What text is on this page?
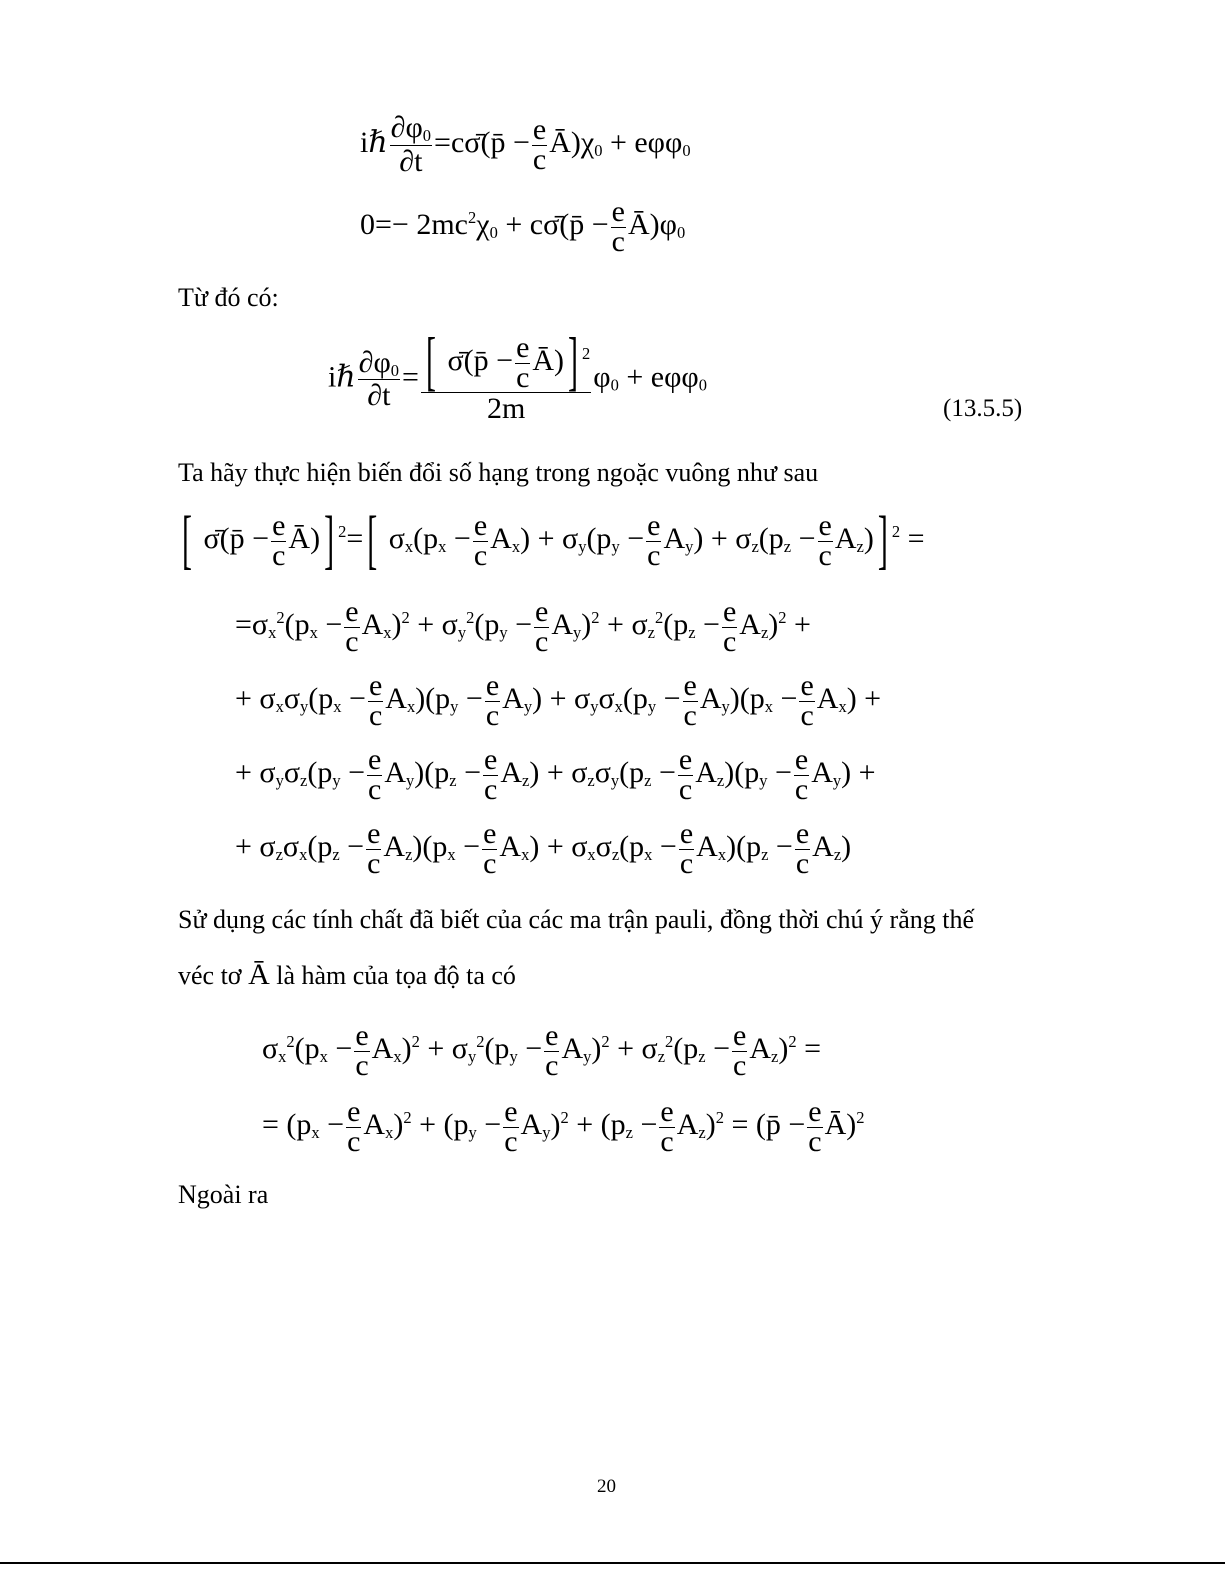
iℏ $\frac{\partial\varphi_0}{\partial t}$ =cσ̄(p̄ − $\frac{e}{c}$ $Ā)\chi_0 + e\varphi\varphi_0$
$0=- 2mc^2\chi_0$ + cσ̄(p̄ − $\frac{e}{c}$ $Ā)\varphi_0$
Từ đó có:
iℏ $\frac{\partial\varphi_0}{\partial t} = \frac{[ \sigmā(p̄ - \frac{e}{c} Ā) ] ^2}{2m} \varphi_0 + e\varphi\varphi_0$
(13.5.5)
Ta hãy thực hiện biến đổi số hạng trong ngoặc vuông như sau
[ σ̄(p̄ − $\frac{e}{c}$ Ā) ] $^2$= [ $\sigma_x(p_x - \frac{e}{c} A_x) + \sigma_y(p_y - \frac{e}{c} A_y) + \sigma_z(p_z - \frac{e}{c} A_z)$ ] $^2$ =
$=\sigma_x^2(p_x - \frac{e}{c} A_x)^2 + \sigma_y^2(p_y - \frac{e}{c} A_y)^2 + \sigma_z^2(p_z - \frac{e}{c} A_z)^2$ +
+ $\sigma_x\sigma_y(p_x - \frac{e}{c} A_x)(p_y - \frac{e}{c} A_y) + \sigma_y\sigma_x(p_y - \frac{e}{c} A_y)(p_x - \frac{e}{c} A_x)$ +
+ $\sigma_y\sigma_z(p_y - \frac{e}{c} A_y)(p_z - \frac{e}{c} A_z) + \sigma_z\sigma_y(p_z - \frac{e}{c} A_z)(p_y - \frac{e}{c} A_y)$ +
+ $\sigma_z\sigma_x(p_z - \frac{e}{c} A_z)(p_x - \frac{e}{c} A_x) + \sigma_x\sigma_z(p_x - \frac{e}{c} A_x)(p_z - \frac{e}{c} A_z)$
Sử dụng các tính chất đã biết của các ma trận pauli, đồng thời chú ý rằng thế
véc tơ Ā là hàm của tọa độ ta có
$\sigma_x^2(p_x - \frac{e}{c} A_x)^2 + \sigma_y^2(p_y - \frac{e}{c} A_y)^2 + \sigma_z^2(p_z - \frac{e}{c} A_z)^2$ =
= $(p_x - \frac{e}{c} A_x)^2 + (p_y - \frac{e}{c} A_y)^2 + (p_z - \frac{e}{c} A_z)^2$ = (p̄ − $\frac{e}{c}$ Ā)$^2$
Ngoài ra
20
